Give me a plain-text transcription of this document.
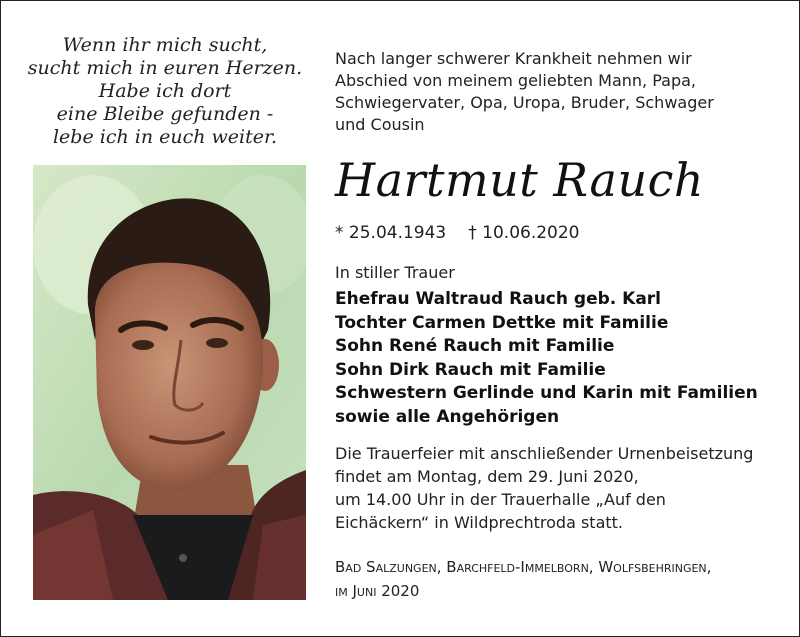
Wenn ihr mich sucht,
sucht mich in euren Herzen.
Habe ich dort
eine Bleibe gefunden -
lebe ich in euch weiter.
Nach langer schwerer Krankheit nehmen wir
Abschied von meinem geliebten Mann, Papa,
Schwiegervater, Opa, Uropa, Bruder, Schwager
und Cousin
Hartmut Rauch
* 25.04.1943 † 10.06.2020
In stiller Trauer
Ehefrau Waltraud Rauch geb. Karl
Tochter Carmen Dettke mit Familie
Sohn René Rauch mit Familie
Sohn Dirk Rauch mit Familie
Schwestern Gerlinde und Karin mit Familien
sowie alle Angehörigen
Die Trauerfeier mit anschließender Urnenbeisetzung
findet am Montag, dem 29. Juni 2020,
um 14.00 Uhr in der Trauerhalle „Auf den
Eichäckern“ in Wildprechtroda statt.
Bad Salzungen, Barchfeld-Immelborn, Wolfsbehringen,
im Juni 2020
